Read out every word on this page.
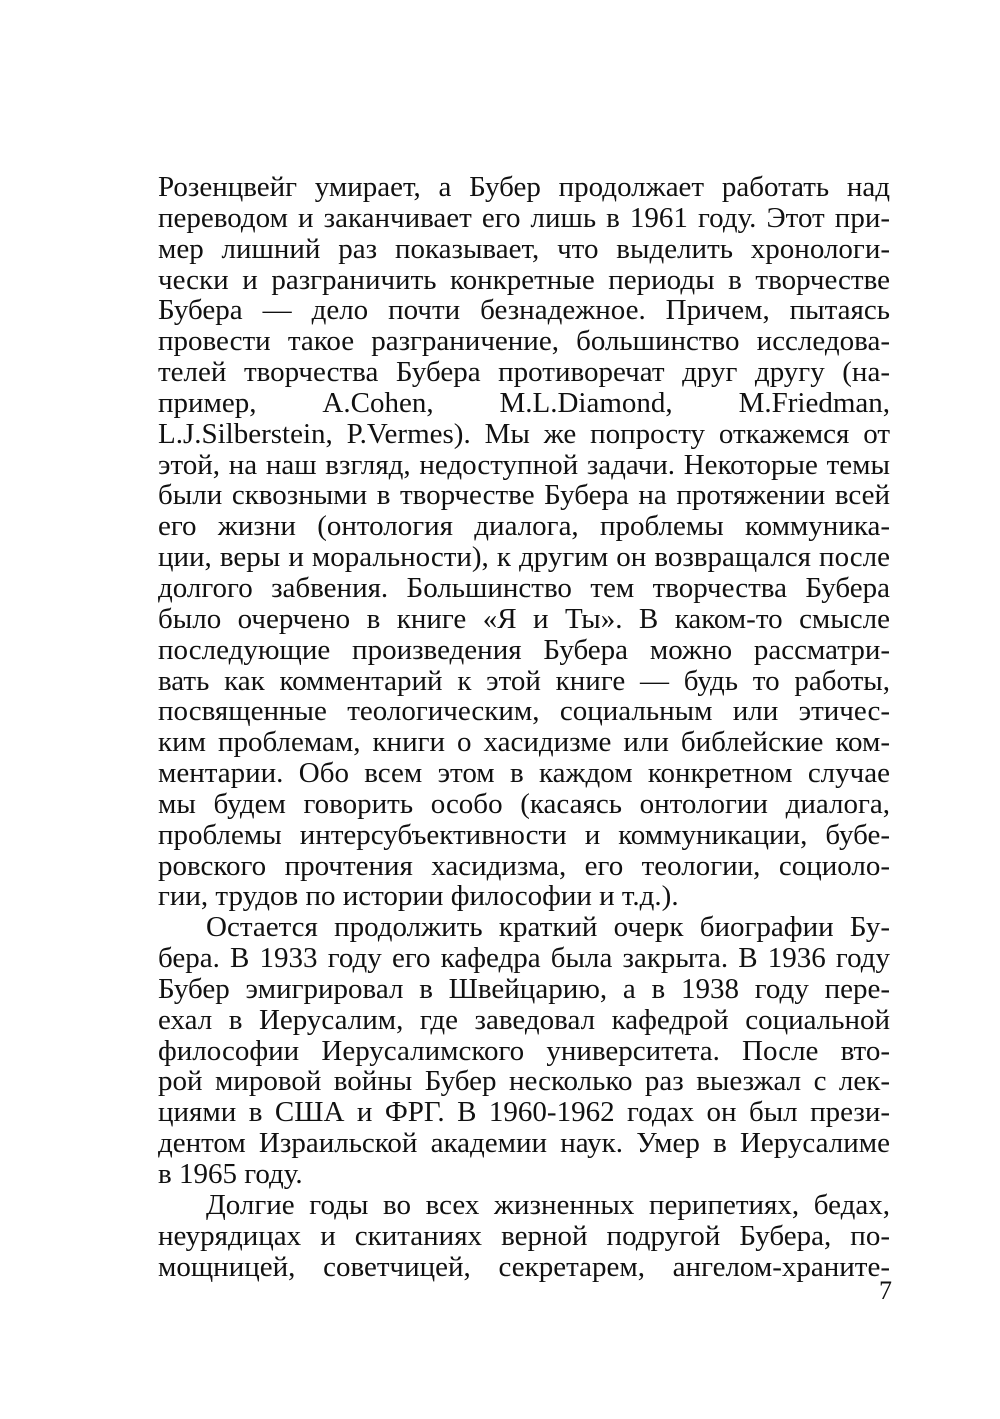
Розенцвейг умирает, а Бубер продолжает работать над
переводом и заканчивает его лишь в 1961 году. Этот при-
мер лишний раз показывает, что выделить хронологи-
чески и разграничить конкретные периоды в творчестве
Бубера — дело почти безнадежное. Причем, пытаясь
провести такое разграничение, большинство исследова-
телей творчества Бубера противоречат друг другу (на-
пример, A.Cohen, M.L.Diamond, M.Friedman,
L.J.Silberstein, P.Vermes). Мы же попросту откажемся от
этой, на наш взгляд, недоступной задачи. Некоторые темы
были сквозными в творчестве Бубера на протяжении всей
его жизни (онтология диалога, проблемы коммуника-
ции, веры и моральности), к другим он возвращался после
долгого забвения. Большинство тем творчества Бубера
было очерчено в книге «Я и Ты». В каком-то смысле
последующие произведения Бубера можно рассматри-
вать как комментарий к этой книге — будь то работы,
посвященные теологическим, социальным или этичес-
ким проблемам, книги о хасидизме или библейские ком-
ментарии. Обо всем этом в каждом конкретном случае
мы будем говорить особо (касаясь онтологии диалога,
проблемы интерсубъективности и коммуникации, бубе-
ровского прочтения хасидизма, его теологии, социоло-
гии, трудов по истории философии и т.д.).
Остается продолжить краткий очерк биографии Бу-
бера. В 1933 году его кафедра была закрыта. В 1936 году
Бубер эмигрировал в Швейцарию, а в 1938 году пере-
ехал в Иерусалим, где заведовал кафедрой социальной
философии Иерусалимского университета. После вто-
рой мировой войны Бубер несколько раз выезжал с лек-
циями в США и ФРГ. В 1960-1962 годах он был прези-
дентом Израильской академии наук. Умер в Иерусалиме
в 1965 году.
Долгие годы во всех жизненных перипетиях, бедах,
неурядицах и скитаниях верной подругой Бубера, по-
мощницей, советчицей, секретарем, ангелом-храните-
7
